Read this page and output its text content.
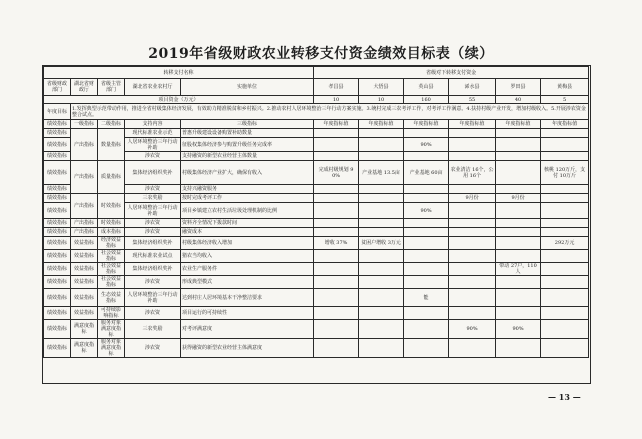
2019年省级财政农业转移支付资金绩效目标表（续）
转移支付名称					省级对下转移支付资金					
省级财政部门	湖北省财政厅	省级主管部门	湖北省农业农村厅	实施单位	孝昌县	大悟县	英山县	浠水县	罗田县	黄梅县
项目资金（万元）					10	10	160	55	40	5
年度目标	1.发挥典型示范带动作用，推进全省村级集体经济发展，有效助力精准脱贫和乡村振兴。2.推动农村人居环境整治三年行动方案实施。3.统村完成三农考评工作，对考评工作满意。4.扶持村级产业开发，增加村级收入。5.开展涉农资金整合试点。									
绩效指标	一级指标	二级指标	支持内容	三级指标	年度指标值	年度指标值	年度指标值	年度指标值	年度指标值	年度指标值
绩效指标	产出指标	数量指标	现代标准农业示范	普惠升级建设设备购置补助数量						
绩效指标			人居环境整治三年行动补助	征股权集体经济参与购置升级任务完成率			90%			
绩效指标			涉农资	支持融资的新型农业经营主体数量						
绩效指标	产出指标	质量指标	集体经济组织奖补	村级集体经济产业扩大，确保有收入	完成村级规划 90%	产业基地 13.5亩	产业基地 60亩	农业清洁 16个，公用 16个		核桃 120万斤，支付 10万斤
绩效指标			涉农资	支持兴融资服务						
绩效指标	产出指标	时效指标	三农奖励	按时完成考评工作				9月份	9月份	
绩效指标			人居环境整治三年行动补助	项目乡镇建立农村生活垃圾处理机制的比例			90%			
绩效指标	产出指标	时效指标	涉农资	资料齐全情况下拨款时间						
绩效指标	产出指标	成本指标	涉农资	融资成本						
绩效指标	效益指标	经济效益指标	集体经济组织奖补	村级集体经济收入增加	增收 37%	贫困户增收 3万元				292万元
绩效指标	效益指标	社会效益指标	现代标准农业试点	猪农当均收入						
绩效指标	效益指标	社会效益指标	集体经济组织奖补	农业生产服务件					带动 27户，110人	
绩效指标	效益指标	社会效益指标	涉农资	形成典型模式						
绩效指标	效益指标	生态效益指标	人居环境整治三年行动补助	达到村庄人居环境基本干净整洁要求			能			
绩效指标	效益指标	可持续影响指标	涉农资	项目运行的可持续性						
绩效指标	满意度指标	服务对象满意度指标	三农奖励	对考评满意度				90%	90%	
绩效指标	满意度指标	服务对象满意度指标	涉农资	获得融资的新型农业经营主体满意度						
— 13 —
